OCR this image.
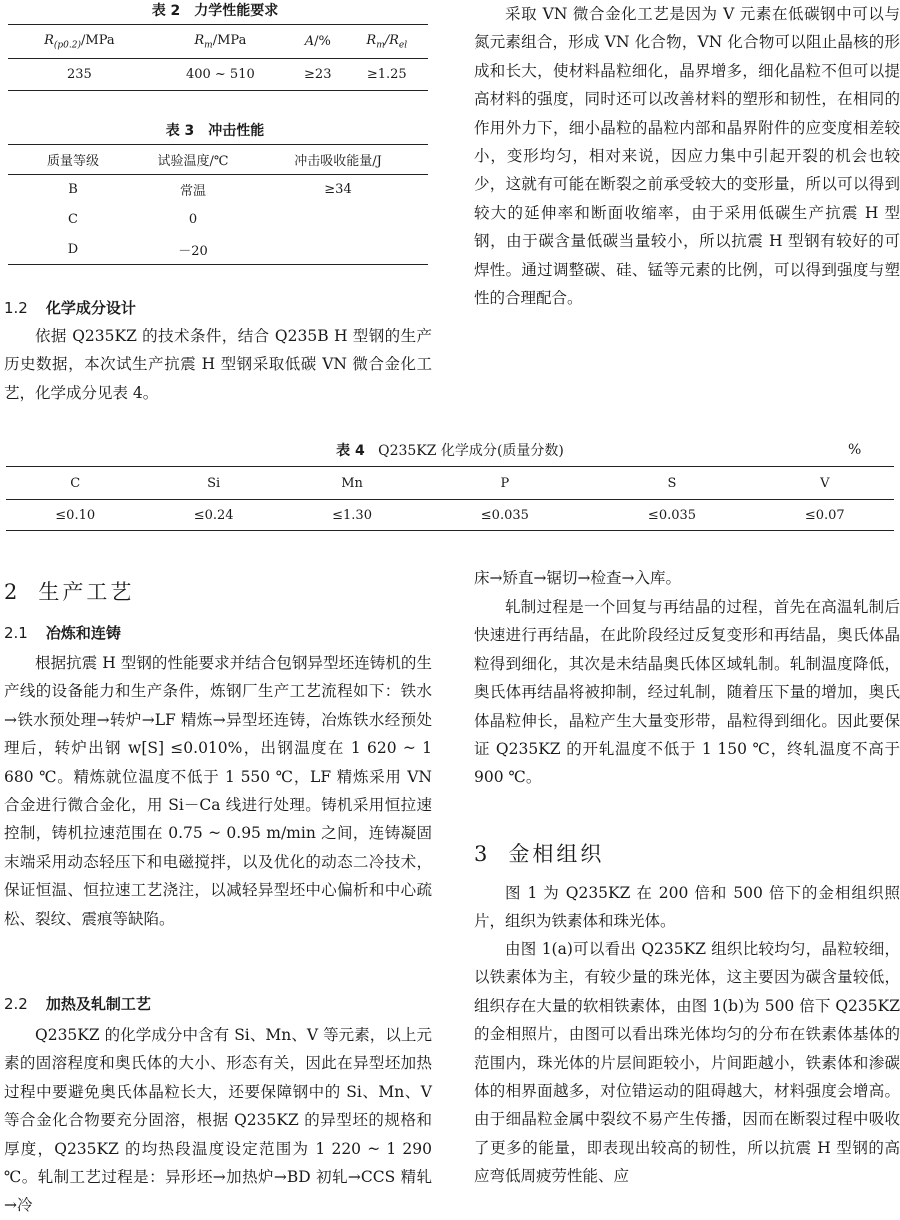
表 2　力学性能要求
$R_{(p0.2)}$/MPa	$R_m$/MPa	A/%	$R_m/R_{el}$
235	400 ~ 510	≥23	≥1.25
表 3　冲击性能
质量等级	试验温度/℃	冲击吸收能量/J
B	常温	≥34
C	0	
D	－20	
1.2 化学成分设计

依据 Q235KZ 的技术条件，结合 Q235B H 型钢的生产历史数据，本次试生产抗震 H 型钢采取低碳 VN 微合金化工艺，化学成分见表 4。

采取 VN 微合金化工艺是因为 V 元素在低碳钢中可以与氮元素组合，形成 VN 化合物，VN 化合物可以阻止晶核的形成和长大，使材料晶粒细化，晶界增多，细化晶粒不但可以提高材料的强度，同时还可以改善材料的塑形和韧性，在相同的作用外力下，细小晶粒的晶粒内部和晶界附件的应变度相差较小，变形均匀，相对来说，因应力集中引起开裂的机会也较少，这就有可能在断裂之前承受较大的变形量，所以可以得到较大的延伸率和断面收缩率，由于采用低碳生产抗震 H 型钢，由于碳含量低碳当量较小，所以抗震 H 型钢有较好的可焊性。通过调整碳、硅、锰等元素的比例，可以得到强度与塑性的合理配合。

表 4 Q235KZ 化学成分(质量分数)	%
C	Si	Mn	P	S	V
≤0.10	≤0.24	≤1.30	≤0.035	≤0.035	≤0.07
2 生产工艺
2.1 冶炼和连铸

根据抗震 H 型钢的性能要求并结合包钢异型坯连铸机的生产线的设备能力和生产条件，炼钢厂生产工艺流程如下：铁水→铁水预处理→转炉→LF 精炼→异型坯连铸，冶炼铁水经预处理后，转炉出钢 w[S] ≤0.010%，出钢温度在 1 620 ~ 1 680 ℃。精炼就位温度不低于 1 550 ℃，LF 精炼采用 VN 合金进行微合金化，用 Si－Ca 线进行处理。铸机采用恒拉速控制，铸机拉速范围在 0.75 ~ 0.95 m/min 之间，连铸凝固末端采用动态轻压下和电磁搅拌，以及优化的动态二冷技术，保证恒温、恒拉速工艺浇注，以减轻异型坯中心偏析和中心疏松、裂纹、震痕等缺陷。

2.2 加热及轧制工艺

Q235KZ 的化学成分中含有 Si、Mn、V 等元素，以上元素的固溶程度和奥氏体的大小、形态有关，因此在异型坯加热过程中要避免奥氏体晶粒长大，还要保障钢中的 Si、Mn、V 等合金化合物要充分固溶，根据 Q235KZ 的异型坯的规格和厚度，Q235KZ 的均热段温度设定范围为 1 220 ~ 1 290 ℃。轧制工艺过程是：异形坯→加热炉→BD 初轧→CCS 精轧→冷

床→矫直→锯切→检查→入库。

轧制过程是一个回复与再结晶的过程，首先在高温轧制后快速进行再结晶，在此阶段经过反复变形和再结晶，奥氏体晶粒得到细化，其次是未结晶奥氏体区域轧制。轧制温度降低，奥氏体再结晶将被抑制，经过轧制，随着压下量的增加，奥氏体晶粒伸长，晶粒产生大量变形带，晶粒得到细化。因此要保证 Q235KZ 的开轧温度不低于 1 150 ℃，终轧温度不高于 900 ℃。

3 金相组织

图 1 为 Q235KZ 在 200 倍和 500 倍下的金相组织照片，组织为铁素体和珠光体。

由图 1(a)可以看出 Q235KZ 组织比较均匀，晶粒较细，以铁素体为主，有较少量的珠光体，这主要因为碳含量较低，组织存在大量的软相铁素体，由图 1(b)为 500 倍下 Q235KZ 的金相照片，由图可以看出珠光体均匀的分布在铁素体基体的范围内，珠光体的片层间距较小，片间距越小，铁素体和渗碳体的相界面越多，对位错运动的阻碍越大，材料强度会增高。由于细晶粒金属中裂纹不易产生传播，因而在断裂过程中吸收了更多的能量，即表现出较高的韧性，所以抗震 H 型钢的高应弯低周疲劳性能、应
